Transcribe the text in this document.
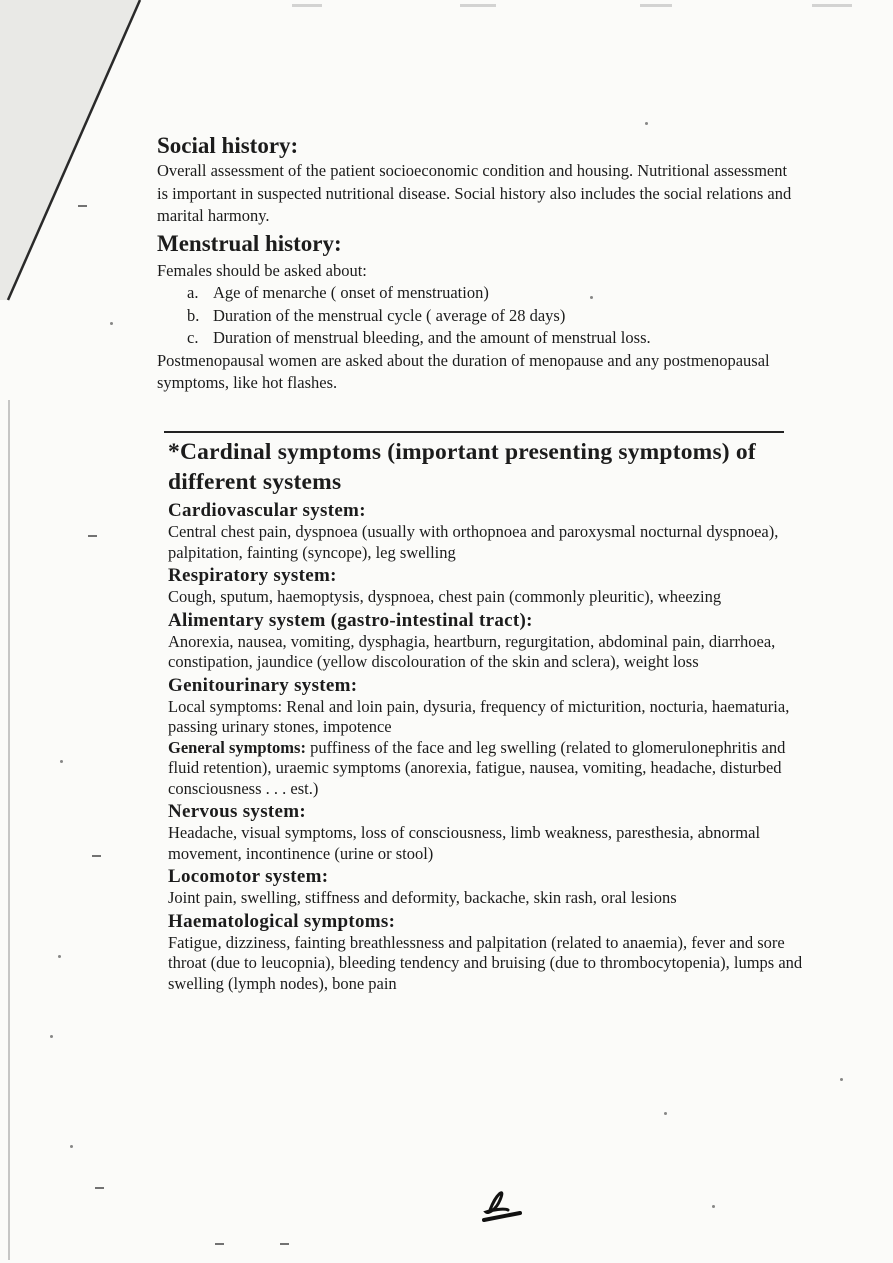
Social history:

Overall assessment of the patient socioeconomic condition and housing. Nutritional assessment is important in suspected nutritional disease. Social history also includes the social relations and marital harmony.

Menstrual history:

Females should be asked about:

a. Age of menarche ( onset of menstruation)
b. Duration of the menstrual cycle ( average of 28 days)
c. Duration of menstrual bleeding, and the amount of menstrual loss.

Postmenopausal women are asked about the duration of menopause and any postmenopausal symptoms, like hot flashes.

*Cardinal symptoms (important presenting symptoms) of different systems
Cardiovascular system:

Central chest pain, dyspnoea (usually with orthopnoea and paroxysmal nocturnal dyspnoea), palpitation, fainting (syncope), leg swelling

Respiratory system:

Cough, sputum, haemoptysis, dyspnoea, chest pain (commonly pleuritic), wheezing

Alimentary system (gastro-intestinal tract):

Anorexia, nausea, vomiting, dysphagia, heartburn, regurgitation, abdominal pain, diarrhoea, constipation, jaundice (yellow discolouration of the skin and sclera), weight loss

Genitourinary system:

Local symptoms: Renal and loin pain, dysuria, frequency of micturition, nocturia, haematuria, passing urinary stones, impotence

General symptoms: puffiness of the face and leg swelling (related to glomerulonephritis and fluid retention), uraemic symptoms (anorexia, fatigue, nausea, vomiting, headache, disturbed consciousness . . . est.)

Nervous system:

Headache, visual symptoms, loss of consciousness, limb weakness, paresthesia, abnormal movement, incontinence (urine or stool)

Locomotor system:

Joint pain, swelling, stiffness and deformity, backache, skin rash, oral lesions

Haematological symptoms:

Fatigue, dizziness, fainting breathlessness and palpitation (related to anaemia), fever and sore throat (due to leucopnia), bleeding tendency and bruising (due to thrombocytopenia), lumps and swelling (lymph nodes), bone pain
